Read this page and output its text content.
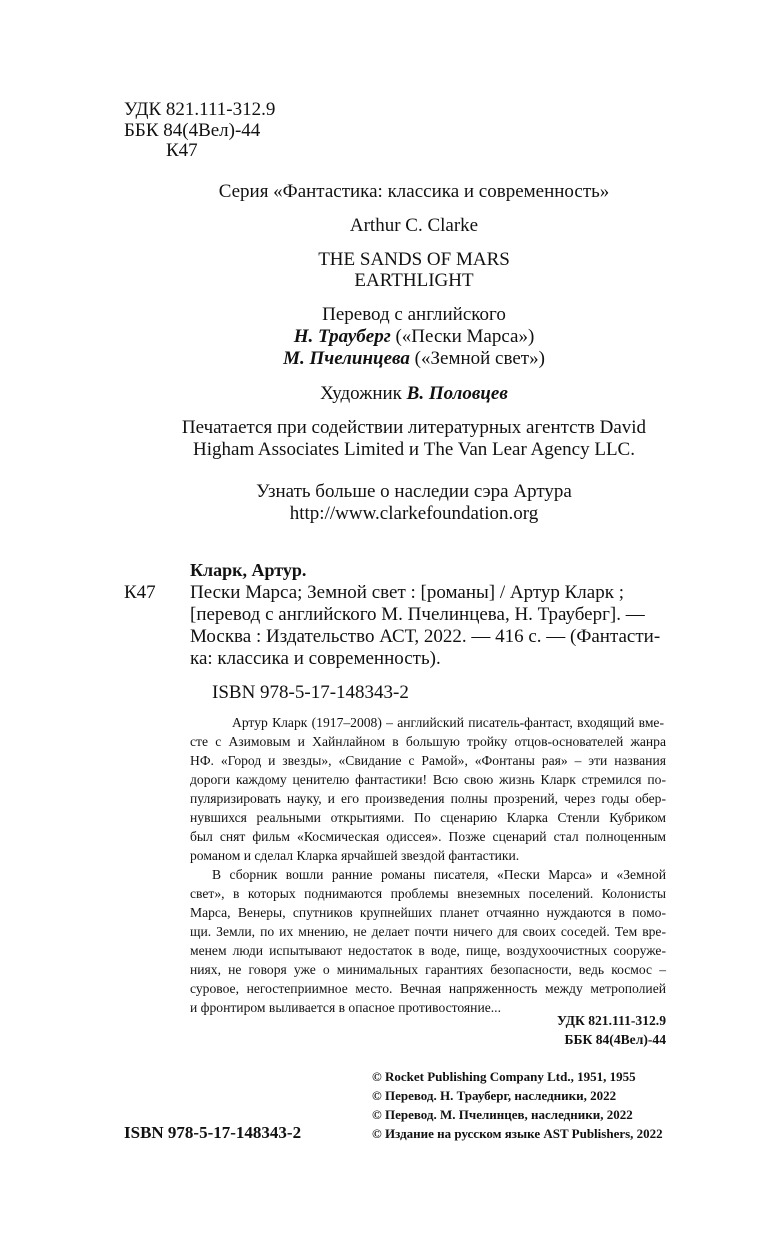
УДК 821.111-312.9
ББК 84(4Вел)-44
К47
Серия «Фантастика: классика и современность»
Arthur C. Clarke
THE SANDS OF MARS
EARTHLIGHT
Перевод с английского
Н. Трауберг («Пески Марса»)
М. Пчелинцева («Земной свет»)
Художник В. Половцев
Печатается при содействии литературных агентств David
Higham Associates Limited и The Van Lear Agency LLC.
Узнать больше о наследии сэра Артура
http://www.clarkefoundation.org
Кларк, Артур.
К47 Пески Марса; Земной свет : [романы] / Артур Кларк ;
[перевод с английского М. Пчелинцева, Н. Трауберг]. —
Москва : Издательство АСТ, 2022. — 416 с. — (Фантасти-
ка: классика и современность).
ISBN 978-5-17-148343-2
Артур Кларк (1917–2008) – английский писатель-фантаст, входящий вме-
сте с Азимовым и Хайнлайном в большую тройку отцов-основателей жанра
НФ. «Город и звезды», «Свидание с Рамой», «Фонтаны рая» – эти названия
дороги каждому ценителю фантастики! Всю свою жизнь Кларк стремился по-
пуляризировать науку, и его произведения полны прозрений, через годы обер-
нувшихся реальными открытиями. По сценарию Кларка Стенли Кубриком
был снят фильм «Космическая одиссея». Позже сценарий стал полноценным
романом и сделал Кларка ярчайшей звездой фантастики.
В сборник вошли ранние романы писателя, «Пески Марса» и «Земной
свет», в которых поднимаются проблемы внеземных поселений. Колонисты
Марса, Венеры, спутников крупнейших планет отчаянно нуждаются в помо-
щи. Земли, по их мнению, не делает почти ничего для своих соседей. Тем вре-
менем люди испытывают недостаток в воде, пище, воздухоочистных сооруже-
ниях, не говоря уже о минимальных гарантиях безопасности, ведь космос –
суровое, негостеприимное место. Вечная напряженность между метрополией
и фронтиром выливается в опасное противостояние...
УДК 821.111-312.9
ББК 84(4Вел)-44
© Rocket Publishing Company Ltd., 1951, 1955
© Перевод. Н. Трауберг, наследники, 2022
© Перевод. М. Пчелинцев, наследники, 2022
© Издание на русском языке AST Publishers, 2022
ISBN 978-5-17-148343-2
